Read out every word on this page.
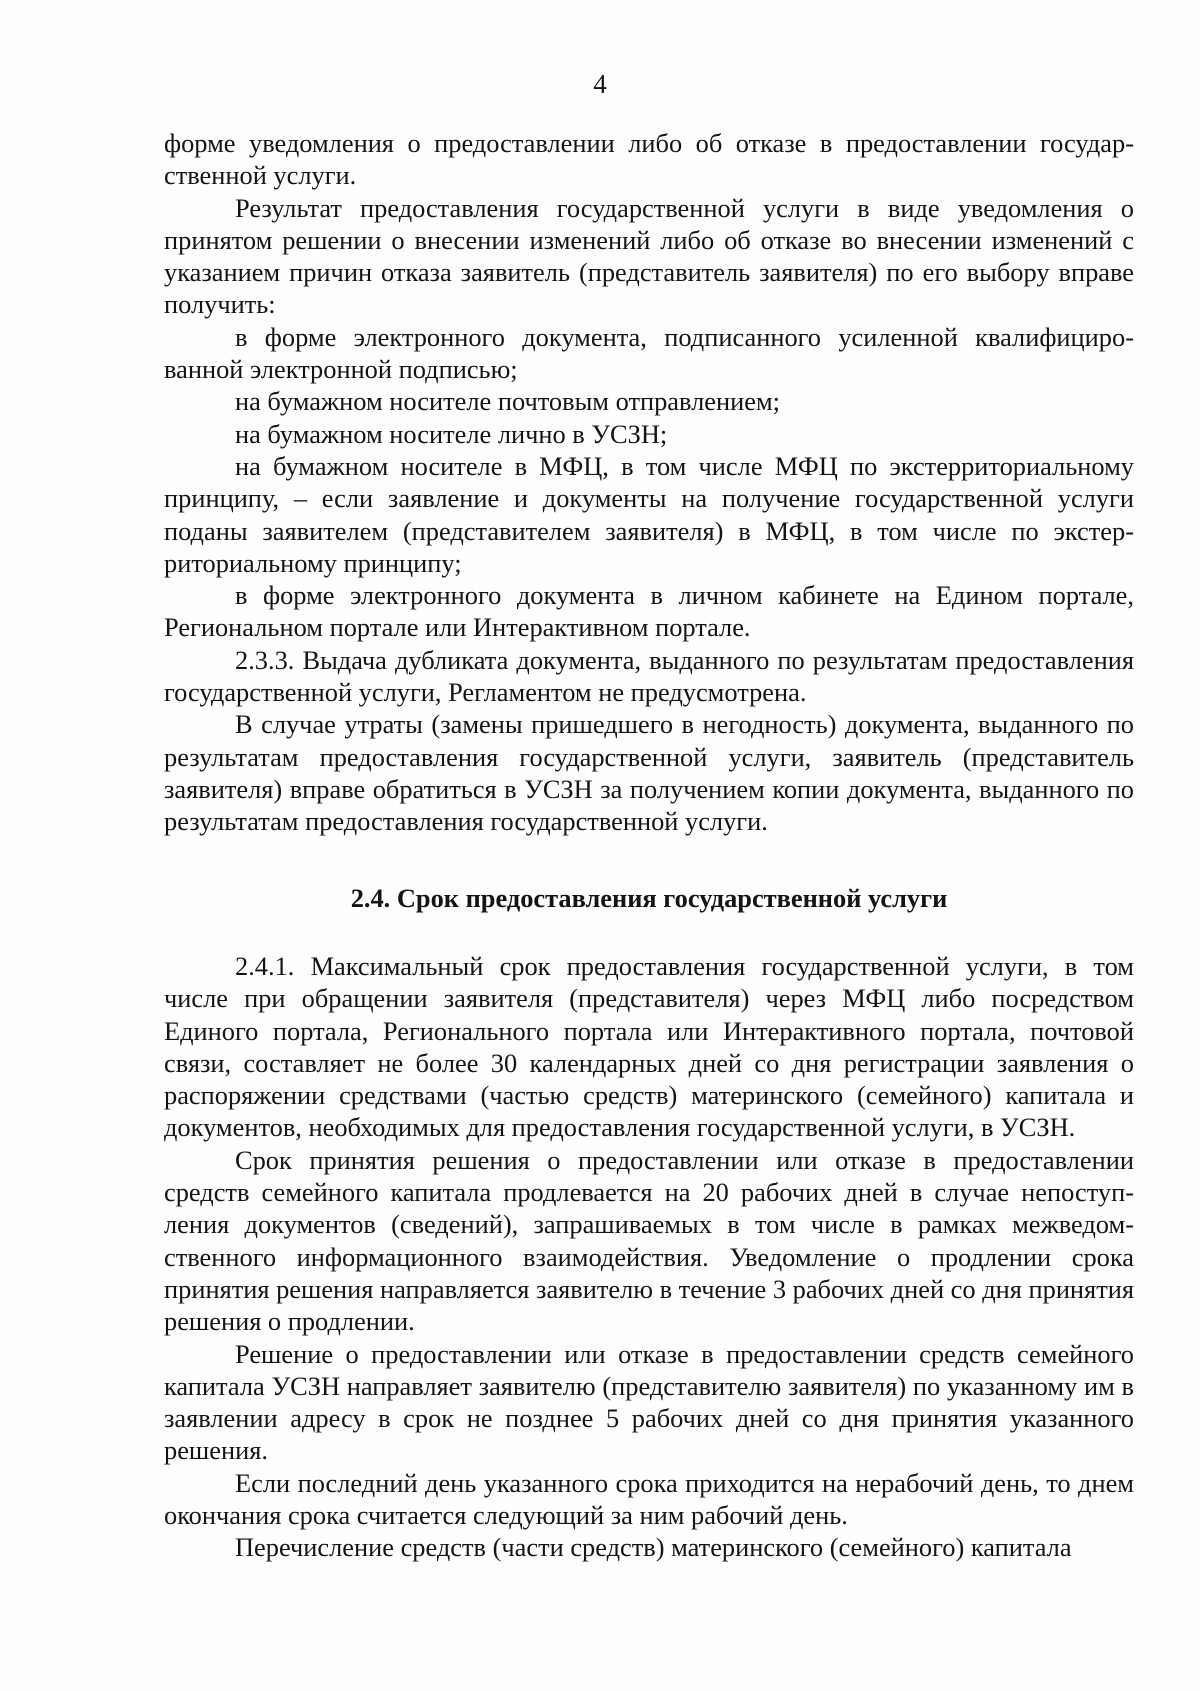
4

форме уведомления о предоставлении либо об отказе в предоставлении государственной услуги.

Результат предоставления государственной услуги в виде уведомления о принятом решении о внесении изменений либо об отказе во внесении изменений с указанием причин отказа заявитель (представитель заявителя) по его выбору вправе получить:

в форме электронного документа, подписанного усиленной квалифицированной электронной подписью;

на бумажном носителе почтовым отправлением;

на бумажном носителе лично в УСЗН;

на бумажном носителе в МФЦ, в том числе МФЦ по экстерриториальному принципу, – если заявление и документы на получение государственной услуги поданы заявителем (представителем заявителя) в МФЦ, в том числе по экстерриториальному принципу;

в форме электронного документа в личном кабинете на Едином портале, Региональном портале или Интерактивном портале.

2.3.3. Выдача дубликата документа, выданного по результатам предоставления государственной услуги, Регламентом не предусмотрена.

В случае утраты (замены пришедшего в негодность) документа, выданного по результатам предоставления государственной услуги, заявитель (представитель заявителя) вправе обратиться в УСЗН за получением копии документа, выданного по результатам предоставления государственной услуги.

2.4. Срок предоставления государственной услуги

2.4.1. Максимальный срок предоставления государственной услуги, в том числе при обращении заявителя (представителя) через МФЦ либо посредством Единого портала, Регионального портала или Интерактивного портала, почтовой связи, составляет не более 30 календарных дней со дня регистрации заявления о распоряжении средствами (частью средств) материнского (семейного) капитала и документов, необходимых для предоставления государственной услуги, в УСЗН.

Срок принятия решения о предоставлении или отказе в предоставлении средств семейного капитала продлевается на 20 рабочих дней в случае непоступления документов (сведений), запрашиваемых в том числе в рамках межведомственного информационного взаимодействия. Уведомление о продлении срока принятия решения направляется заявителю в течение 3 рабочих дней со дня принятия решения о продлении.

Решение о предоставлении или отказе в предоставлении средств семейного капитала УСЗН направляет заявителю (представителю заявителя) по указанному им в заявлении адресу в срок не позднее 5 рабочих дней со дня принятия указанного решения.

Если последний день указанного срока приходится на нерабочий день, то днем окончания срока считается следующий за ним рабочий день.

Перечисление средств (части средств) материнского (семейного) капитала
